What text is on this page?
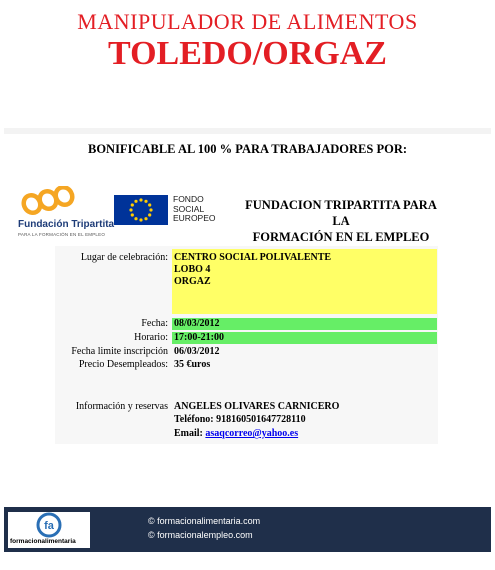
MANIPULADOR DE ALIMENTOS
TOLEDO/ORGAZ
BONIFICABLE AL 100 % PARA TRABAJADORES POR:
Fundación Tripartita
PARA LA FORMACIÓN EN EL EMPLEO
FONDO
SOCIAL
EUROPEO
FUNDACION TRIPARTITA PARA LA
FORMACIÓN EN EL EMPLEO
Lugar de celebración: CENTRO SOCIAL POLIVALENTE
LOBO 4
ORGAZ
Fecha: 08/03/2012
Horario: 17:00-21:00
Fecha limite inscripción 06/03/2012
Precio Desempleados: 35 €uros
Información y reservas ANGELES OLIVARES CARNICERO
Teléfono: 918160501647728110
Email: asaqcorreo@yahoo.es
fa
formacionalimentaria
© formacionalimentaria.com
© formacionalempleo.com
